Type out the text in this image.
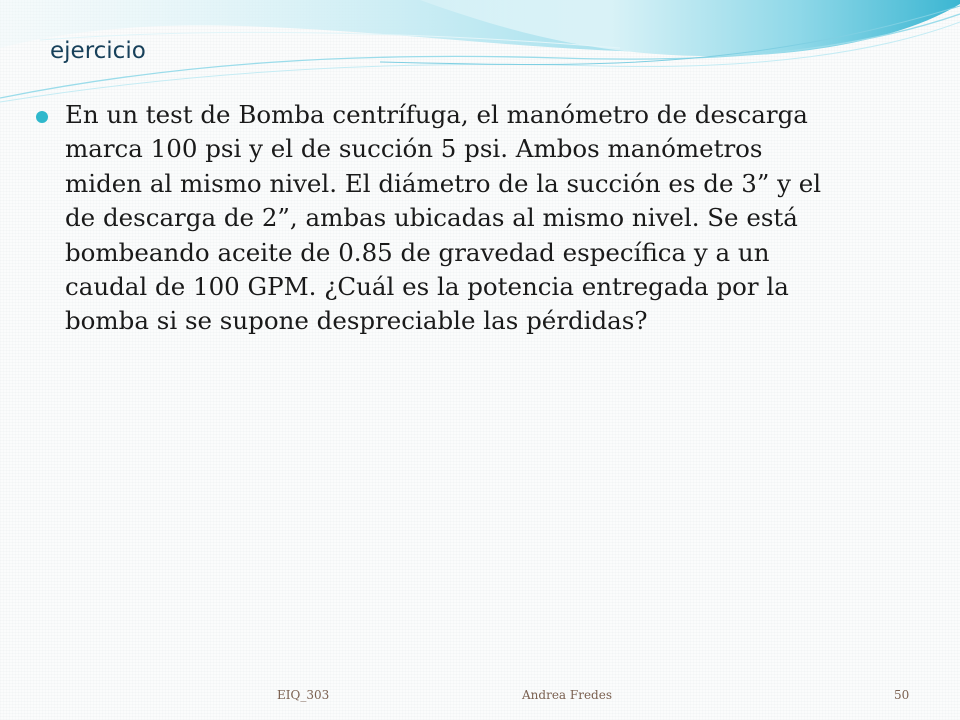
ejercicio

En un test de Bomba centrífuga, el manómetro de descarga marca 100 psi y el de succión 5 psi. Ambos manómetros miden al mismo nivel. El diámetro de la succión es de 3” y el de descarga de 2”, ambas ubicadas al mismo nivel. Se está bombeando aceite de 0.85 de gravedad específica y a un caudal de 100 GPM. ¿Cuál es la potencia entregada por la bomba si se supone despreciable las pérdidas?

EIQ_303	Andrea Fredes	50
